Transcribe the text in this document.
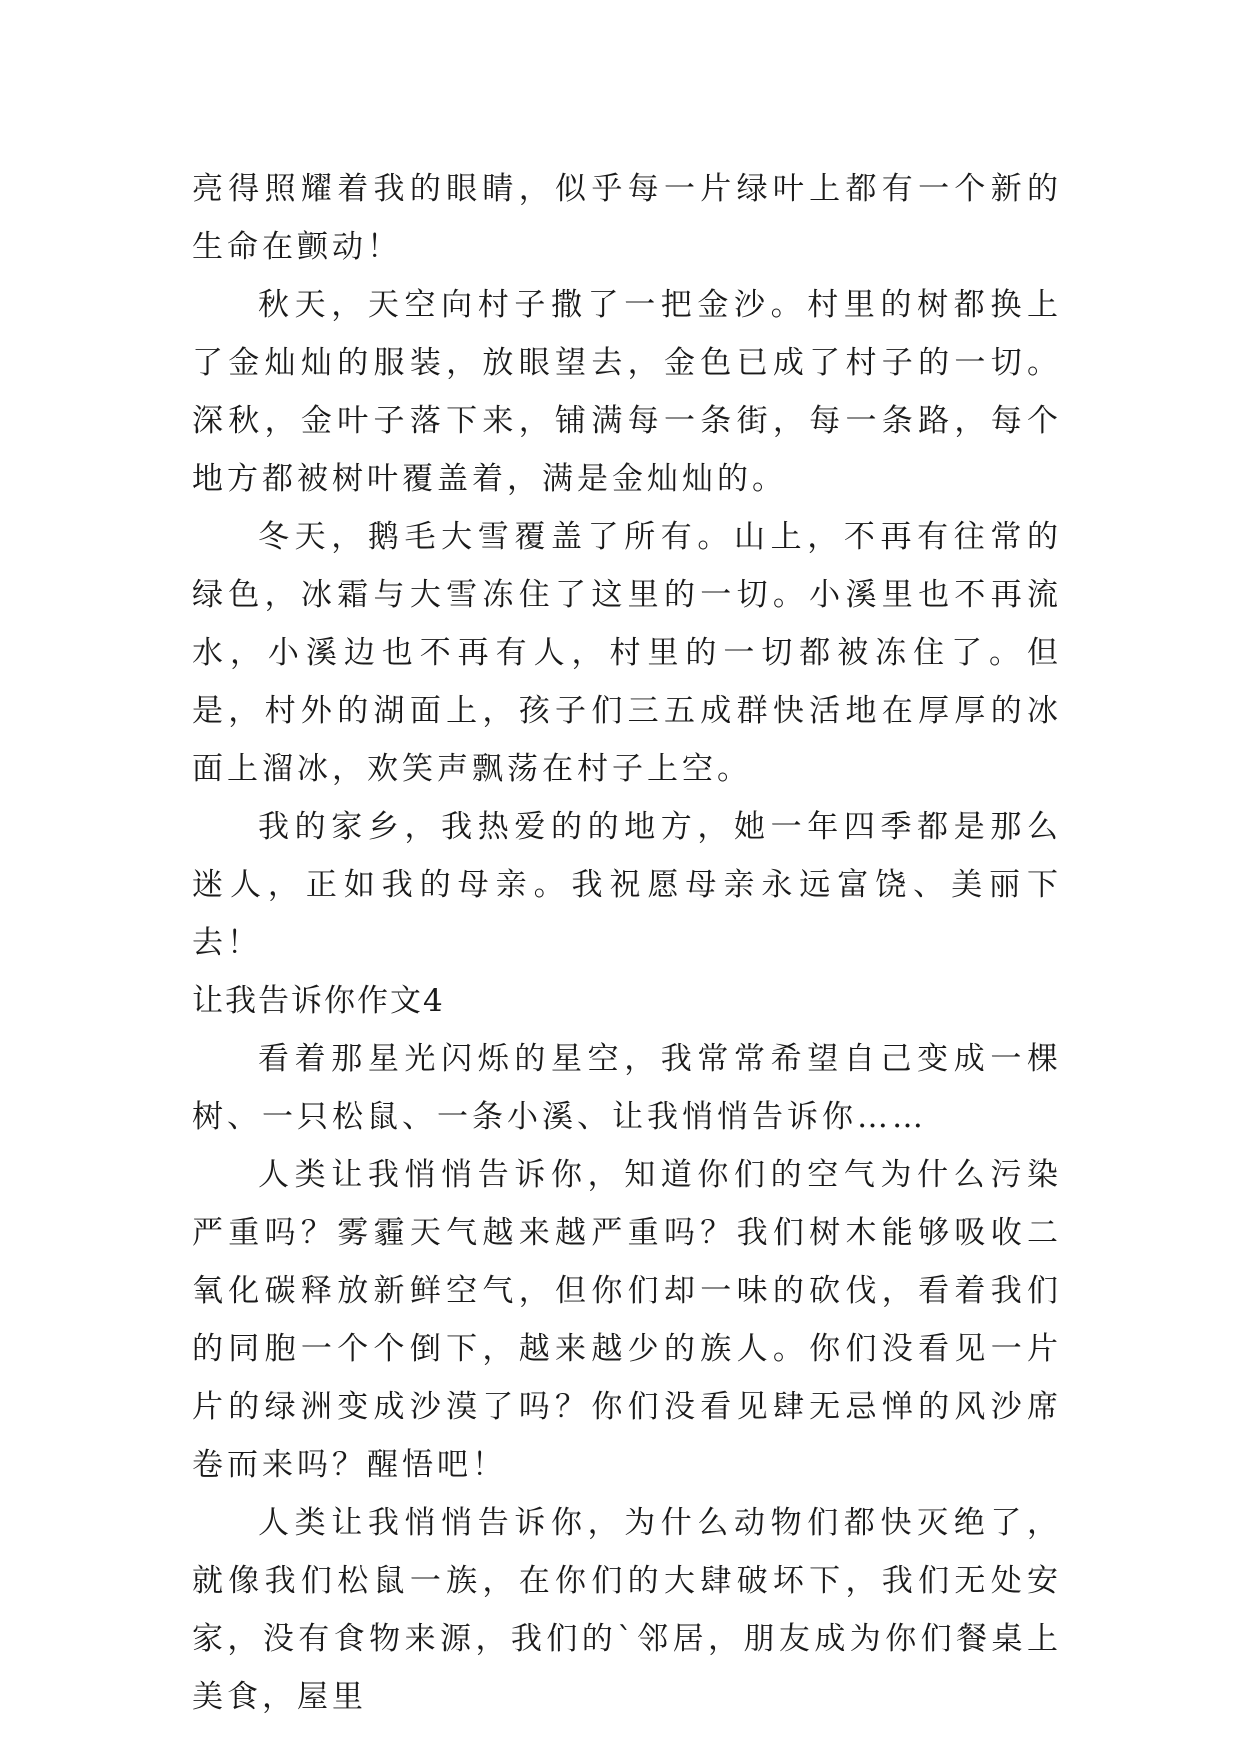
亮得照耀着我的眼睛，似乎每一片绿叶上都有一个新的生命在颤动！

秋天，天空向村子撒了一把金沙。村里的树都换上了金灿灿的服装，放眼望去，金色已成了村子的一切。深秋，金叶子落下来，铺满每一条街，每一条路，每个地方都被树叶覆盖着，满是金灿灿的。

冬天，鹅毛大雪覆盖了所有。山上，不再有往常的绿色，冰霜与大雪冻住了这里的一切。小溪里也不再流水，小溪边也不再有人，村里的一切都被冻住了。但是，村外的湖面上，孩子们三五成群快活地在厚厚的冰面上溜冰，欢笑声飘荡在村子上空。

我的家乡，我热爱的的地方，她一年四季都是那么迷人，正如我的母亲。我祝愿母亲永远富饶、美丽下去！

让我告诉你作文4

看着那星光闪烁的星空，我常常希望自己变成一棵树、一只松鼠、一条小溪、让我悄悄告诉你……

人类让我悄悄告诉你，知道你们的空气为什么污染严重吗？雾霾天气越来越严重吗？我们树木能够吸收二氧化碳释放新鲜空气，但你们却一味的砍伐，看着我们的同胞一个个倒下，越来越少的族人。你们没看见一片片的绿洲变成沙漠了吗？你们没看见肆无忌惮的风沙席卷而来吗？醒悟吧！

人类让我悄悄告诉你，为什么动物们都快灭绝了，就像我们松鼠一族，在你们的大肆破坏下，我们无处安家，没有食物来源，我们的`邻居，朋友成为你们餐桌上美食，屋里
